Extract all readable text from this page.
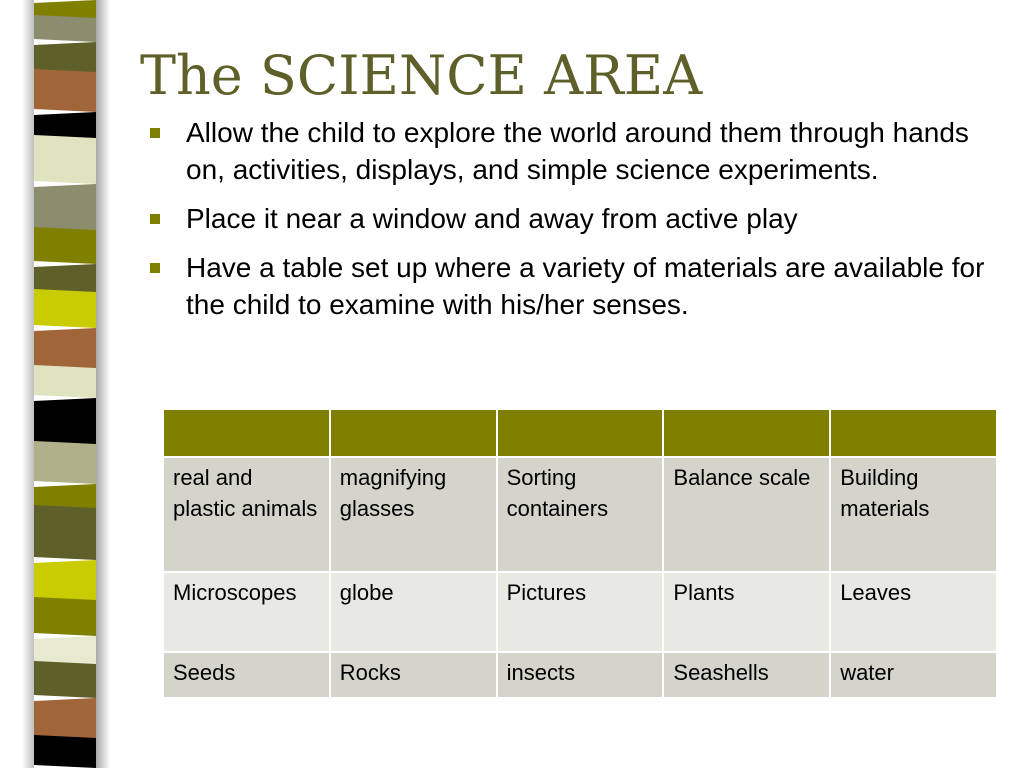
The SCIENCE AREA
Allow the child to explore the world around them through hands on, activities, displays, and simple science experiments.
Place it near a window and away from active play
Have a table set up where a variety of materials are available for the child to examine with his/her senses.

real and plastic animals	magnifying glasses	Sorting containers	Balance scale	Building materials
Microscopes	globe	Pictures	Plants	Leaves
Seeds	Rocks	insects	Seashells	water
